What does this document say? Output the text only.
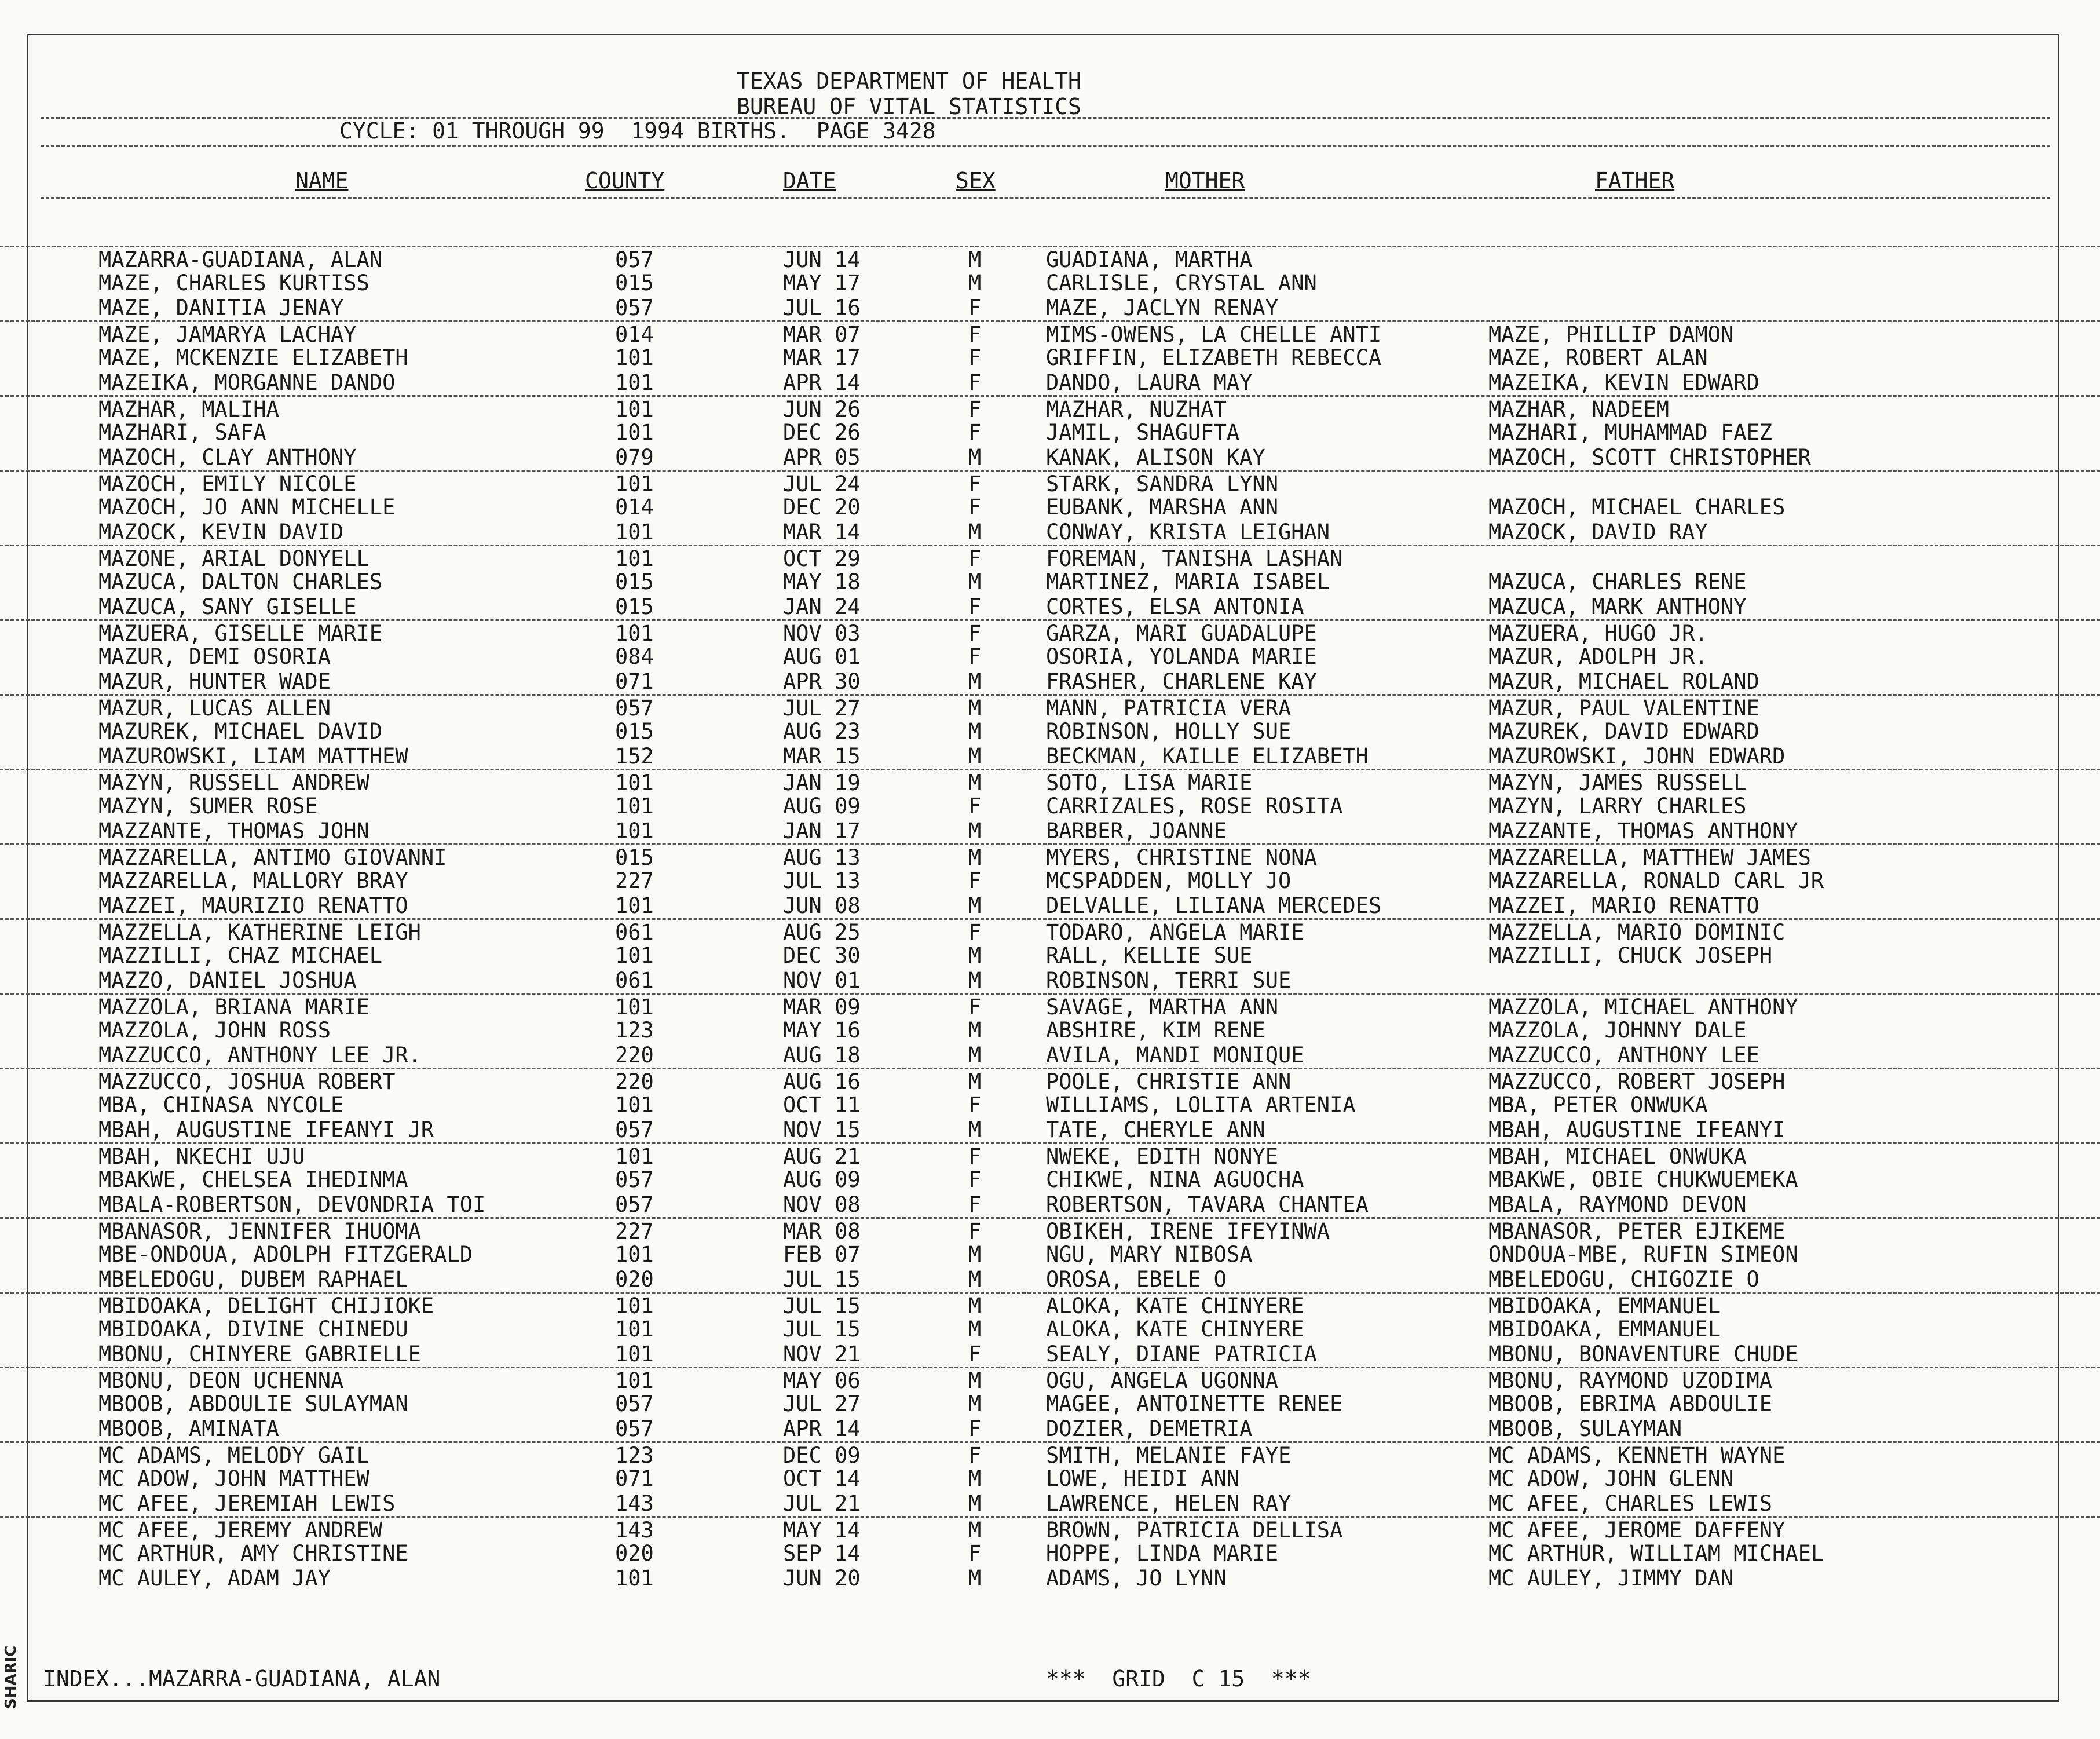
SHARIC
TEXAS DEPARTMENT OF HEALTH
BUREAU OF VITAL STATISTICS
CYCLE: 01 THROUGH 99 1994 BIRTHS. PAGE 3428
NAME	COUNTY	DATE	SEX	MOTHER	FATHER
MAZARRA-GUADIANA, ALAN	057	JUN 14	M	GUADIANA, MARTHA
MAZE, CHARLES KURTISS	015	MAY 17	M	CARLISLE, CRYSTAL ANN
MAZE, DANITIA JENAY	057	JUL 16	F	MAZE, JACLYN RENAY
MAZE, JAMARYA LACHAY	014	MAR 07	F	MIMS-OWENS, LA CHELLE ANTI	MAZE, PHILLIP DAMON
MAZE, MCKENZIE ELIZABETH	101	MAR 17	F	GRIFFIN, ELIZABETH REBECCA	MAZE, ROBERT ALAN
MAZEIKA, MORGANNE DANDO	101	APR 14	F	DANDO, LAURA MAY	MAZEIKA, KEVIN EDWARD
MAZHAR, MALIHA	101	JUN 26	F	MAZHAR, NUZHAT	MAZHAR, NADEEM
MAZHARI, SAFA	101	DEC 26	F	JAMIL, SHAGUFTA	MAZHARI, MUHAMMAD FAEZ
MAZOCH, CLAY ANTHONY	079	APR 05	M	KANAK, ALISON KAY	MAZOCH, SCOTT CHRISTOPHER
MAZOCH, EMILY NICOLE	101	JUL 24	F	STARK, SANDRA LYNN
MAZOCH, JO ANN MICHELLE	014	DEC 20	F	EUBANK, MARSHA ANN	MAZOCH, MICHAEL CHARLES
MAZOCK, KEVIN DAVID	101	MAR 14	M	CONWAY, KRISTA LEIGHAN	MAZOCK, DAVID RAY
MAZONE, ARIAL DONYELL	101	OCT 29	F	FOREMAN, TANISHA LASHAN
MAZUCA, DALTON CHARLES	015	MAY 18	M	MARTINEZ, MARIA ISABEL	MAZUCA, CHARLES RENE
MAZUCA, SANY GISELLE	015	JAN 24	F	CORTES, ELSA ANTONIA	MAZUCA, MARK ANTHONY
MAZUERA, GISELLE MARIE	101	NOV 03	F	GARZA, MARI GUADALUPE	MAZUERA, HUGO JR.
MAZUR, DEMI OSORIA	084	AUG 01	F	OSORIA, YOLANDA MARIE	MAZUR, ADOLPH JR.
MAZUR, HUNTER WADE	071	APR 30	M	FRASHER, CHARLENE KAY	MAZUR, MICHAEL ROLAND
MAZUR, LUCAS ALLEN	057	JUL 27	M	MANN, PATRICIA VERA	MAZUR, PAUL VALENTINE
MAZUREK, MICHAEL DAVID	015	AUG 23	M	ROBINSON, HOLLY SUE	MAZUREK, DAVID EDWARD
MAZUROWSKI, LIAM MATTHEW	152	MAR 15	M	BECKMAN, KAILLE ELIZABETH	MAZUROWSKI, JOHN EDWARD
MAZYN, RUSSELL ANDREW	101	JAN 19	M	SOTO, LISA MARIE	MAZYN, JAMES RUSSELL
MAZYN, SUMER ROSE	101	AUG 09	F	CARRIZALES, ROSE ROSITA	MAZYN, LARRY CHARLES
MAZZANTE, THOMAS JOHN	101	JAN 17	M	BARBER, JOANNE	MAZZANTE, THOMAS ANTHONY
MAZZARELLA, ANTIMO GIOVANNI	015	AUG 13	M	MYERS, CHRISTINE NONA	MAZZARELLA, MATTHEW JAMES
MAZZARELLA, MALLORY BRAY	227	JUL 13	F	MCSPADDEN, MOLLY JO	MAZZARELLA, RONALD CARL JR
MAZZEI, MAURIZIO RENATTO	101	JUN 08	M	DELVALLE, LILIANA MERCEDES	MAZZEI, MARIO RENATTO
MAZZELLA, KATHERINE LEIGH	061	AUG 25	F	TODARO, ANGELA MARIE	MAZZELLA, MARIO DOMINIC
MAZZILLI, CHAZ MICHAEL	101	DEC 30	M	RALL, KELLIE SUE	MAZZILLI, CHUCK JOSEPH
MAZZO, DANIEL JOSHUA	061	NOV 01	M	ROBINSON, TERRI SUE
MAZZOLA, BRIANA MARIE	101	MAR 09	F	SAVAGE, MARTHA ANN	MAZZOLA, MICHAEL ANTHONY
MAZZOLA, JOHN ROSS	123	MAY 16	M	ABSHIRE, KIM RENE	MAZZOLA, JOHNNY DALE
MAZZUCCO, ANTHONY LEE JR.	220	AUG 18	M	AVILA, MANDI MONIQUE	MAZZUCCO, ANTHONY LEE
MAZZUCCO, JOSHUA ROBERT	220	AUG 16	M	POOLE, CHRISTIE ANN	MAZZUCCO, ROBERT JOSEPH
MBA, CHINASA NYCOLE	101	OCT 11	F	WILLIAMS, LOLITA ARTENIA	MBA, PETER ONWUKA
MBAH, AUGUSTINE IFEANYI JR	057	NOV 15	M	TATE, CHERYLE ANN	MBAH, AUGUSTINE IFEANYI
MBAH, NKECHI UJU	101	AUG 21	F	NWEKE, EDITH NONYE	MBAH, MICHAEL ONWUKA
MBAKWE, CHELSEA IHEDINMA	057	AUG 09	F	CHIKWE, NINA AGUOCHA	MBAKWE, OBIE CHUKWUEMEKA
MBALA-ROBERTSON, DEVONDRIA TOI	057	NOV 08	F	ROBERTSON, TAVARA CHANTEA	MBALA, RAYMOND DEVON
MBANASOR, JENNIFER IHUOMA	227	MAR 08	F	OBIKEH, IRENE IFEYINWA	MBANASOR, PETER EJIKEME
MBE-ONDOUA, ADOLPH FITZGERALD	101	FEB 07	M	NGU, MARY NIBOSA	ONDOUA-MBE, RUFIN SIMEON
MBELEDOGU, DUBEM RAPHAEL	020	JUL 15	M	OROSA, EBELE O	MBELEDOGU, CHIGOZIE O
MBIDOAKA, DELIGHT CHIJIOKE	101	JUL 15	M	ALOKA, KATE CHINYERE	MBIDOAKA, EMMANUEL
MBIDOAKA, DIVINE CHINEDU	101	JUL 15	M	ALOKA, KATE CHINYERE	MBIDOAKA, EMMANUEL
MBONU, CHINYERE GABRIELLE	101	NOV 21	F	SEALY, DIANE PATRICIA	MBONU, BONAVENTURE CHUDE
MBONU, DEON UCHENNA	101	MAY 06	M	OGU, ANGELA UGONNA	MBONU, RAYMOND UZODIMA
MBOOB, ABDOULIE SULAYMAN	057	JUL 27	M	MAGEE, ANTOINETTE RENEE	MBOOB, EBRIMA ABDOULIE
MBOOB, AMINATA	057	APR 14	F	DOZIER, DEMETRIA	MBOOB, SULAYMAN
MC ADAMS, MELODY GAIL	123	DEC 09	F	SMITH, MELANIE FAYE	MC ADAMS, KENNETH WAYNE
MC ADOW, JOHN MATTHEW	071	OCT 14	M	LOWE, HEIDI ANN	MC ADOW, JOHN GLENN
MC AFEE, JEREMIAH LEWIS	143	JUL 21	M	LAWRENCE, HELEN RAY	MC AFEE, CHARLES LEWIS
MC AFEE, JEREMY ANDREW	143	MAY 14	M	BROWN, PATRICIA DELLISA	MC AFEE, JEROME DAFFENY
MC ARTHUR, AMY CHRISTINE	020	SEP 14	F	HOPPE, LINDA MARIE	MC ARTHUR, WILLIAM MICHAEL
MC AULEY, ADAM JAY	101	JUN 20	M	ADAMS, JO LYNN	MC AULEY, JIMMY DAN
INDEX...MAZARRA-GUADIANA, ALAN	***  GRID  C 15  ***
